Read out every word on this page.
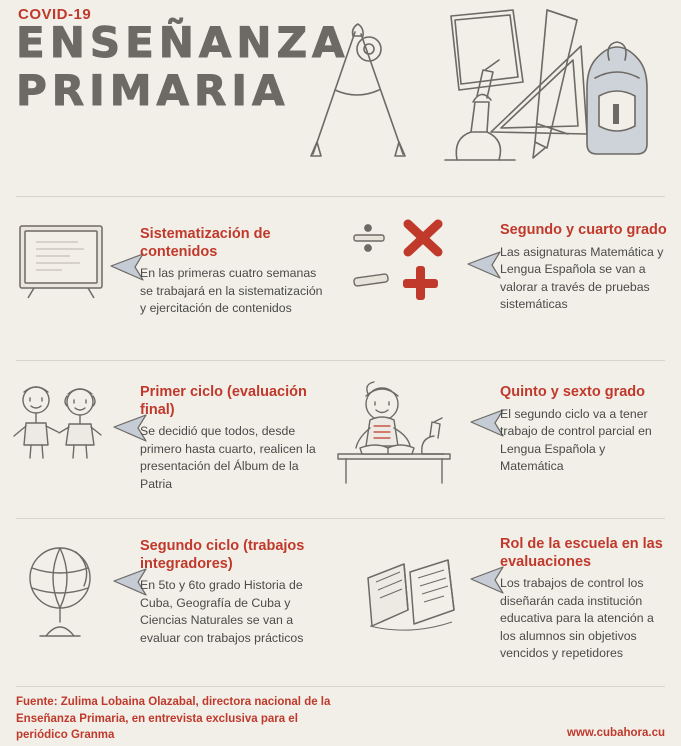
COVID-19
ENSEÑANZA
PRIMARIA
Sistematización de contenidos

En las primeras cuatro semanas se trabajará en la sistematización y ejercitación de contenidos

Segundo y cuarto grado

Las asignaturas Matemática y Lengua Española se van a valorar a través de pruebas sistemáticas

Primer ciclo (evaluación final)

Se decidió que todos, desde primero hasta cuarto, realicen la presentación del Álbum de la Patria

Quinto y sexto grado

El segundo ciclo va a tener trabajo de control parcial en Lengua Española y Matemática

Segundo ciclo (trabajos integradores)

En 5to y 6to grado Historia de Cuba, Geografía de Cuba y Ciencias Naturales se van a evaluar con trabajos prácticos

Rol de la escuela en las evaluaciones

Los trabajos de control los diseñarán cada institución educativa para la atención a los alumnos sin objetivos vencidos y repetidores

Fuente: Zulima Lobaina Olazabal, directora nacional de la Enseñanza Primaria, en entrevista exclusiva para el periódico Granma	www.cubahora.cu
